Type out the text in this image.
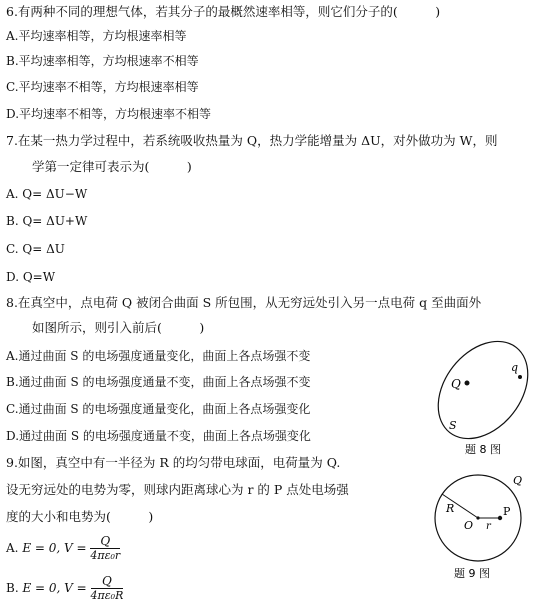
6.有两种不同的理想气体，若其分子的最概然速率相等，则它们分子的(　　　)
A.平均速率相等，方均根速率相等
B.平均速率相等，方均根速率不相等
C.平均速率不相等，方均根速率相等
D.平均速率不相等，方均根速率不相等
7.在某一热力学过程中，若系统吸收热量为 Q，热力学能增量为 ΔU，对外做功为 W，则
学第一定律可表示为(　　　)
A. Q= ΔU−W
B. Q= ΔU+W
C. Q= ΔU
D. Q=W
8.在真空中，点电荷 Q 被闭合曲面 S 所包围，从无穷远处引入另一点电荷 q 至曲面外
如图所示，则引入前后(　　　)
A.通过曲面 S 的电场强度通量变化，曲面上各点场强不变
B.通过曲面 S 的电场强度通量不变，曲面上各点场强不变
C.通过曲面 S 的电场强度通量变化，曲面上各点场强变化
D.通过曲面 S 的电场强度通量不变，曲面上各点场强变化
Q
q
S
题 8 图
9.如图，真空中有一半径为 R 的均匀带电球面，电荷量为 Q.
设无穷远处的电势为零，则球内距离球心为 r 的 P 点处电场强
度的大小和电势为(　　　)
A. E = 0, $V = \frac{Q}{\text{4πε₀r}}$
B. E = 0, $V = \frac{Q}{\text{4πε₀R}}$
Q
R
O r
P
题 9 图
